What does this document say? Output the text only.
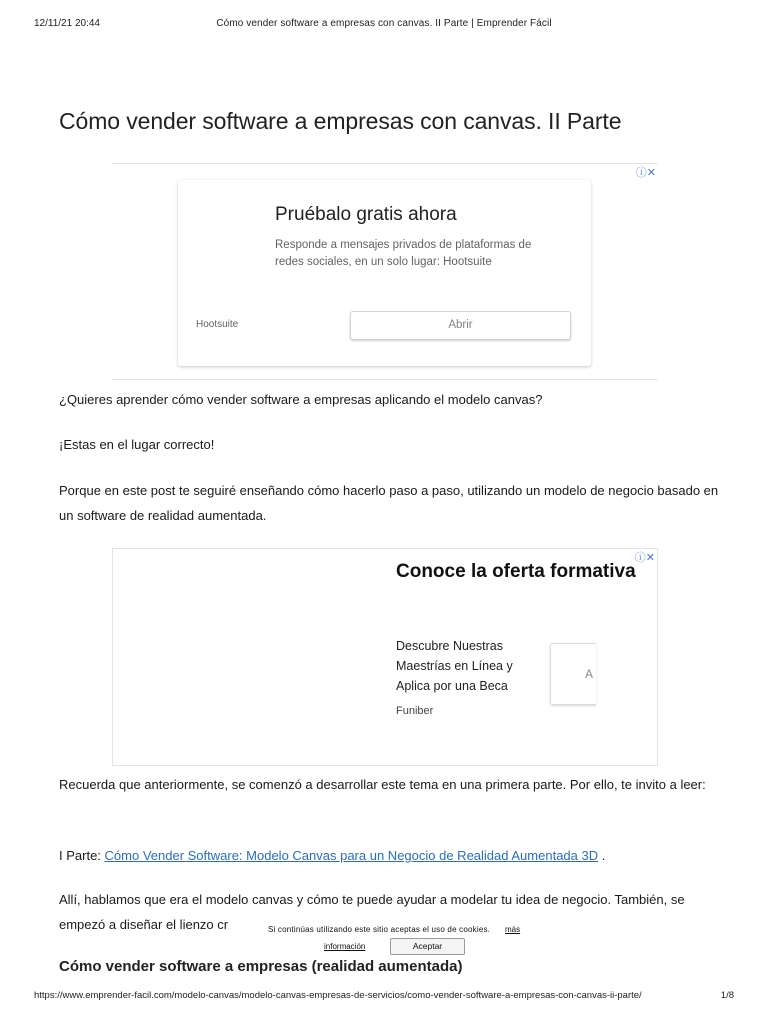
12/11/21 20:44	Cómo vender software a empresas con canvas. II Parte | Emprender Fácil
Cómo vender software a empresas con canvas. II Parte
ⓘ✕
Pruébalo gratis ahora
Responde a mensajes privados de plataformas de redes sociales, en un solo lugar: Hootsuite
Hootsuite	Abrir

¿Quieres aprender cómo vender software a empresas aplicando el modelo canvas?

¡Estas en el lugar correcto!

Porque en este post te seguiré enseñando cómo hacerlo paso a paso, utilizando un modelo de negocio basado en un software de realidad aumentada.

ⓘ✕
Conoce la oferta formativa
Descubre Nuestras Maestrías en Línea y Aplica por una Beca
Funiber
A

Recuerda que anteriormente, se comenzó a desarrollar este tema en una primera parte. Por ello, te invito a leer:

I Parte: Cómo Vender Software: Modelo Canvas para un Negocio de Realidad Aumentada 3D .

Allí, hablamos que era el modelo canvas y cómo te puede ayudar a modelar tu idea de negocio. También, se empezó a diseñar el lienzo cr	Si continúas utilizando este sitio aceptas el uso de cookies.	más
información	Aceptar
Cómo vender software a empresas (realidad aumentada)
https://www.emprender-facil.com/modelo-canvas/modelo-canvas-empresas-de-servicios/como-vender-software-a-empresas-con-canvas-ii-parte/	1/8
